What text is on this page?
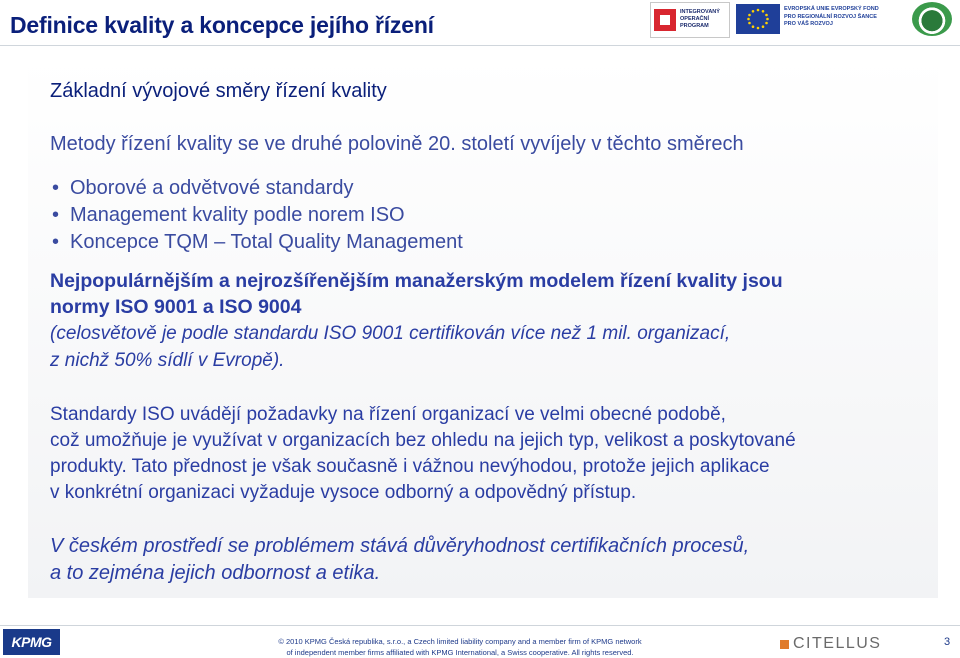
Definice kvality a koncepce jejího řízení	INTEGROVANÝ OPERAČNÍ PROGRAM
EVROPSKÁ UNIE EVROPSKÝ FOND PRO REGIONÁLNÍ ROZVOJ ŠANCE PRO VÁŠ ROZVOJ

Základní vývojové směry řízení kvality

Metody řízení kvality se ve druhé polovině 20. století vyvíjely v těchto směrech

• Oborové a odvětvové standardy
• Management kvality podle norem ISO
• Koncepce TQM – Total Quality Management

Nejpopulárnějším a nejrozšířenějším manažerským modelem řízení kvality jsou

normy ISO 9001 a ISO 9004

(celosvětově je podle standardu ISO 9001 certifikován více než 1 mil. organizací,

z nichž 50% sídlí v Evropě).

Standardy ISO uvádějí požadavky na řízení organizací ve velmi obecné podobě,

což umožňuje je využívat v organizacích bez ohledu na jejich typ, velikost a poskytované

produkty. Tato přednost je však současně i vážnou nevýhodou, protože jejich aplikace

v konkrétní organizaci vyžaduje vysoce odborný a odpovědný přístup.

V českém prostředí se problémem stává důvěryhodnost certifikačních procesů,

a to zejména jejich odbornost a etika.

KPMG	© 2010 KPMG Česká republika, s.r.o., a Czech limited liability company and a member firm of KPMG network
of independent member firms affiliated with KPMG International, a Swiss cooperative. All rights reserved.
CITELLUS	3
